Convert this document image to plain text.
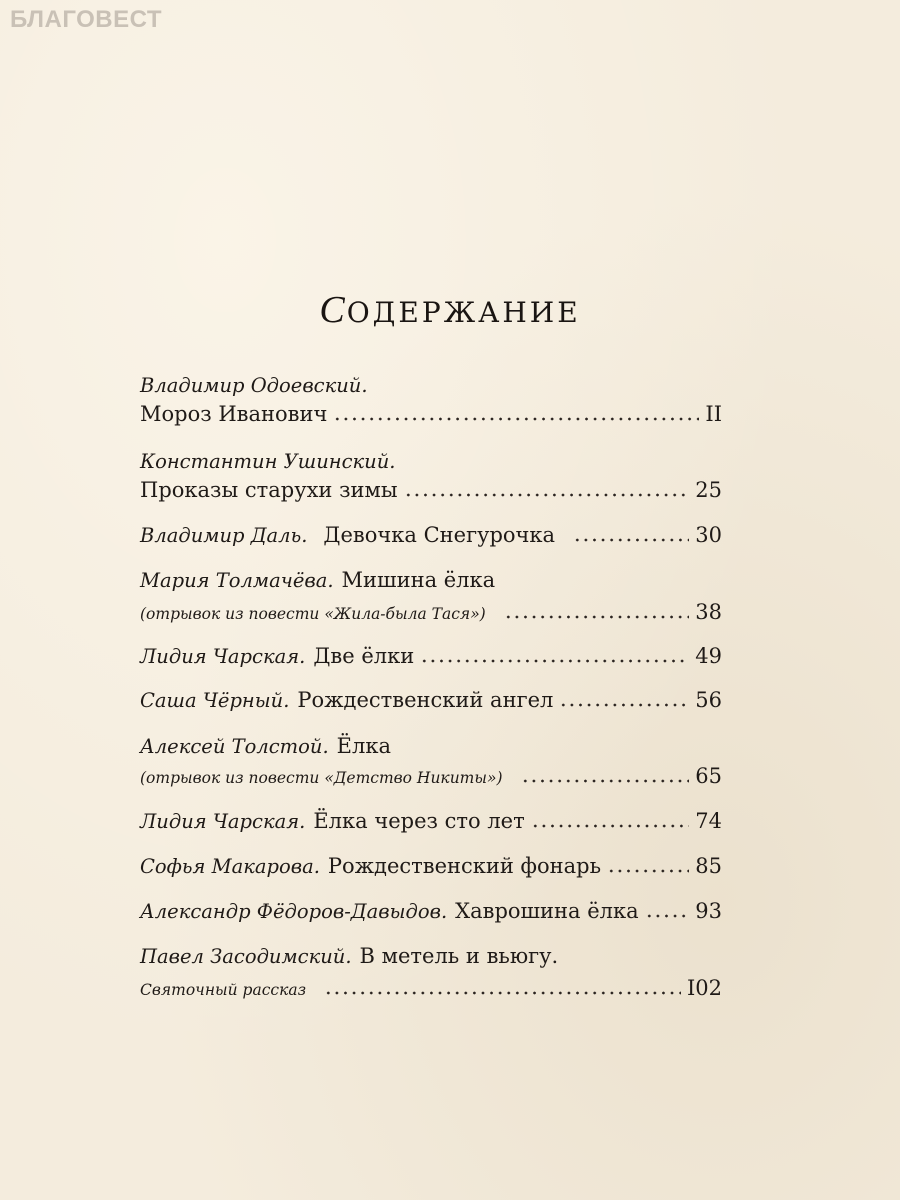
БЛАГОВЕСТ
СОДЕРЖАНИЕ
Владимир Одоевский.
Мороз Иванович	II
Константин Ушинский.
Проказы старухи зимы	25
Владимир Даль. Девочка Снегурочка	30
Мария Толмачёва. Мишина ёлка
(отрывок из повести «Жила-была Тася»)	38
Лидия Чарская. Две ёлки	49
Саша Чёрный. Рождественский ангел	56
Алексей Толстой. Ёлка
(отрывок из повести «Детство Никиты»)	65
Лидия Чарская. Ёлка через сто лет	74
Софья Макарова. Рождественский фонарь	85
Александр Фёдоров-Давыдов. Хаврошина ёлка	93
Павел Засодимский. В метель и вьюгу.
Святочный рассказ	I02
